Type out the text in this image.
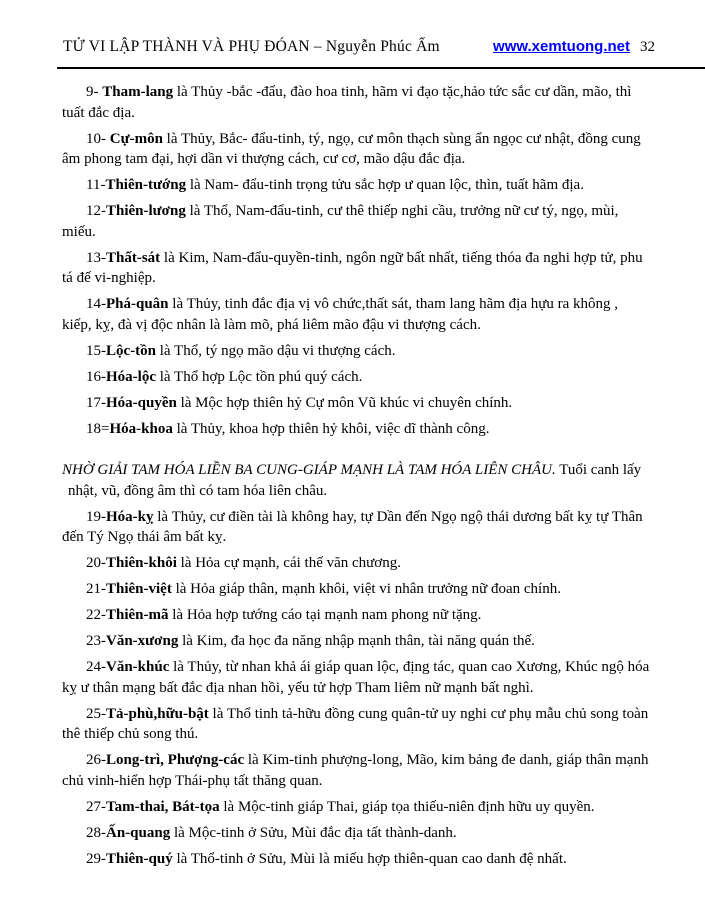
TỬ VI LẬP THÀNH VÀ PHỤ ĐÓAN – Nguyễn Phúc Ấm	www.xemtuong.net 32

9- Tham-lang là Thủy -bắc -đẩu, đào hoa tinh, hãm vi đạo tặc,hảo tức sắc cư dần, mão, thì tuất đắc địa.

10- Cự-môn là Thủy, Bắc- đẩu-tinh, tý, ngọ, cư môn thạch sùng ẩn ngọc cư nhật, đồng cung âm phong tam đại, hợi dần vi thượng cách, cư cơ, mão dậu đắc địa.

11-Thiên-tướng là Nam- đẩu-tinh trọng tửu sắc hợp ư quan lộc, thìn, tuất hãm địa.

12-Thiên-lương là Thổ, Nam-đẩu-tinh, cư thê thiếp nghi cầu, trưởng nữ cư tý, ngọ, mùi, miếu.

13-Thất-sát là Kim, Nam-đẩu-quyền-tinh, ngôn ngữ bất nhất, tiếng thóa đa nghi hợp tử, phu tá đế vi-nghiệp.

14-Phá-quân là Thủy, tinh đắc địa vị vô chức,thất sát, tham lang hãm địa hựu ra không , kiếp, kỵ, đà vị độc nhân là làm mõ, phá liêm mão đậu vi thượng cách.

15-Lộc-tồn là Thổ, tý ngọ mão dậu vi thượng cách.

16-Hóa-lộc là Thổ hợp Lộc tồn phú quý cách.

17-Hóa-quyền là Mộc hợp thiên hỷ Cự môn Vũ khúc vi chuyên chính.

18=Hóa-khoa là Thủy, khoa hợp thiên hỷ khôi, việc dĩ thành công.

NHỜ GIẢI TAM HÓA LIỀN BA CUNG-GIÁP MẠNH LÀ TAM HÓA LIÊN CHÂU. Tuổi canh lấy nhật, vũ, đồng âm thì có tam hóa liên châu.

19-Hóa-kỵ là Thủy, cư điền tài là không hay, tự Dần đến Ngọ ngộ thái dương bất kỵ tự Thân đến Tý Ngọ thái âm bất kỵ.

20-Thiên-khôi là Hỏa cự mạnh, cái thế văn chương.

21-Thiên-việt là Hỏa giáp thân, mạnh khôi, việt vi nhân trưởng nữ đoan chính.

22-Thiên-mã là Hỏa hợp tướng cáo tại mạnh nam phong nữ tặng.

23-Văn-xương là Kim, đa học đa năng nhập mạnh thân, tài năng quán thế.

24-Văn-khúc là Thủy, từ nhan khả ái giáp quan lộc, địng tác, quan cao Xương, Khúc ngộ hóa kỵ ư thân mạng bất đắc địa nhan hồi, yểu tử hợp Tham liêm nữ mạnh bất nghì.

25-Tả-phù,hữu-bật là Thổ tinh tả-hữu đồng cung quân-tử uy nghi cư phụ mẫu chủ song toàn thê thiếp chủ song thú.

26-Long-trì, Phượng-các là Kim-tinh phượng-long, Mão, kim bảng đe danh, giáp thân mạnh chủ vinh-hiển hợp Thái-phụ tất thăng quan.

27-Tam-thai, Bát-tọa là Mộc-tinh giáp Thai, giáp tọa thiếu-niên định hữu uy quyền.

28-Ấn-quang là Mộc-tinh ở Sửu, Mùi đắc địa tất thành-danh.

29-Thiên-quý là Thổ-tinh ở Sửu, Mùi là miếu hợp thiên-quan cao danh đệ nhất.
